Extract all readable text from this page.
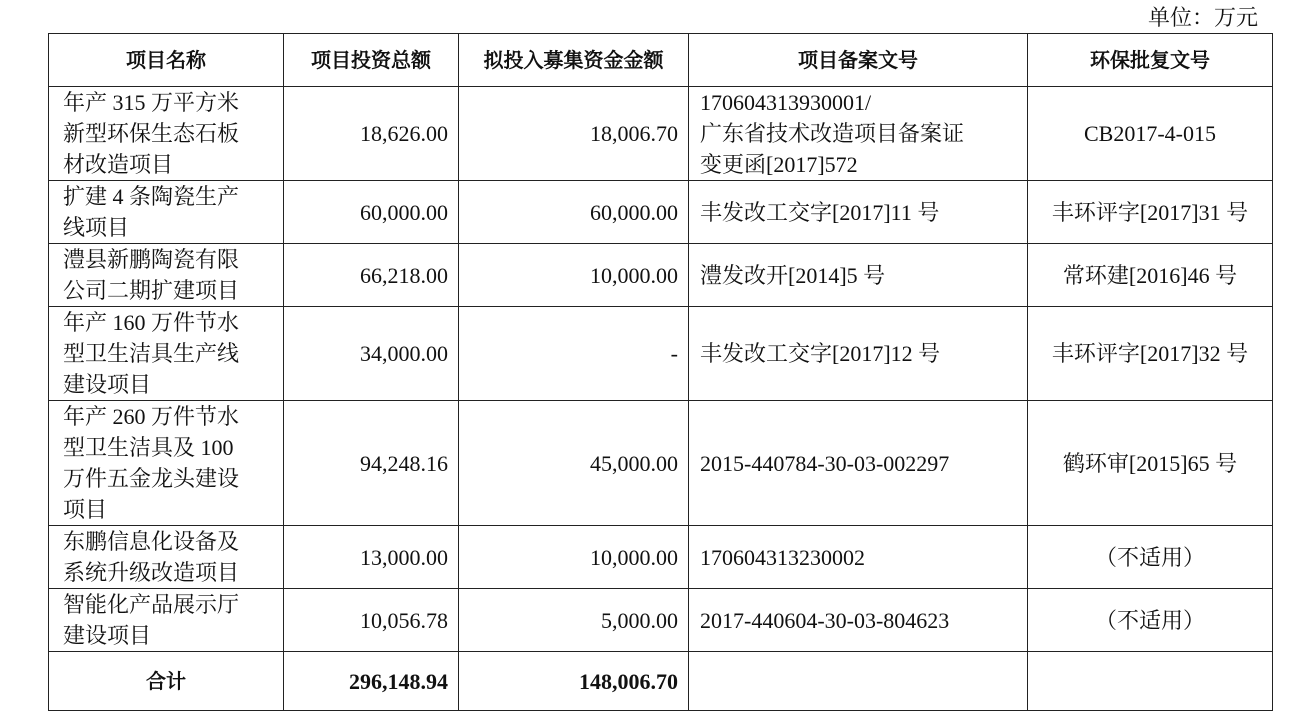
单位：万元
项目名称	项目投资总额	拟投入募集资金金额	项目备案文号	环保批复文号

年产 315 万平方米
新型环保生态石板
材改造项目	18,626.00	18,006.70	170604313930001/
广东省技术改造项目备案证
变更函[2017]572	CB2017-4-015

扩建 4 条陶瓷生产
线项目	60,000.00	60,000.00	丰发改工交字[2017]11 号	丰环评字[2017]31 号

澧县新鹏陶瓷有限
公司二期扩建项目	66,218.00	10,000.00	澧发改开[2014]5 号	常环建[2016]46 号

年产 160 万件节水
型卫生洁具生产线
建设项目	34,000.00	-	丰发改工交字[2017]12 号	丰环评字[2017]32 号

年产 260 万件节水
型卫生洁具及 100
万件五金龙头建设
项目	94,248.16	45,000.00	2015-440784-30-03-002297	鹤环审[2015]65 号

东鹏信息化设备及
系统升级改造项目	13,000.00	10,000.00	170604313230002	（不适用）

智能化产品展示厅
建设项目	10,056.78	5,000.00	2017-440604-30-03-804623	（不适用）
合计	296,148.94	148,006.70		
